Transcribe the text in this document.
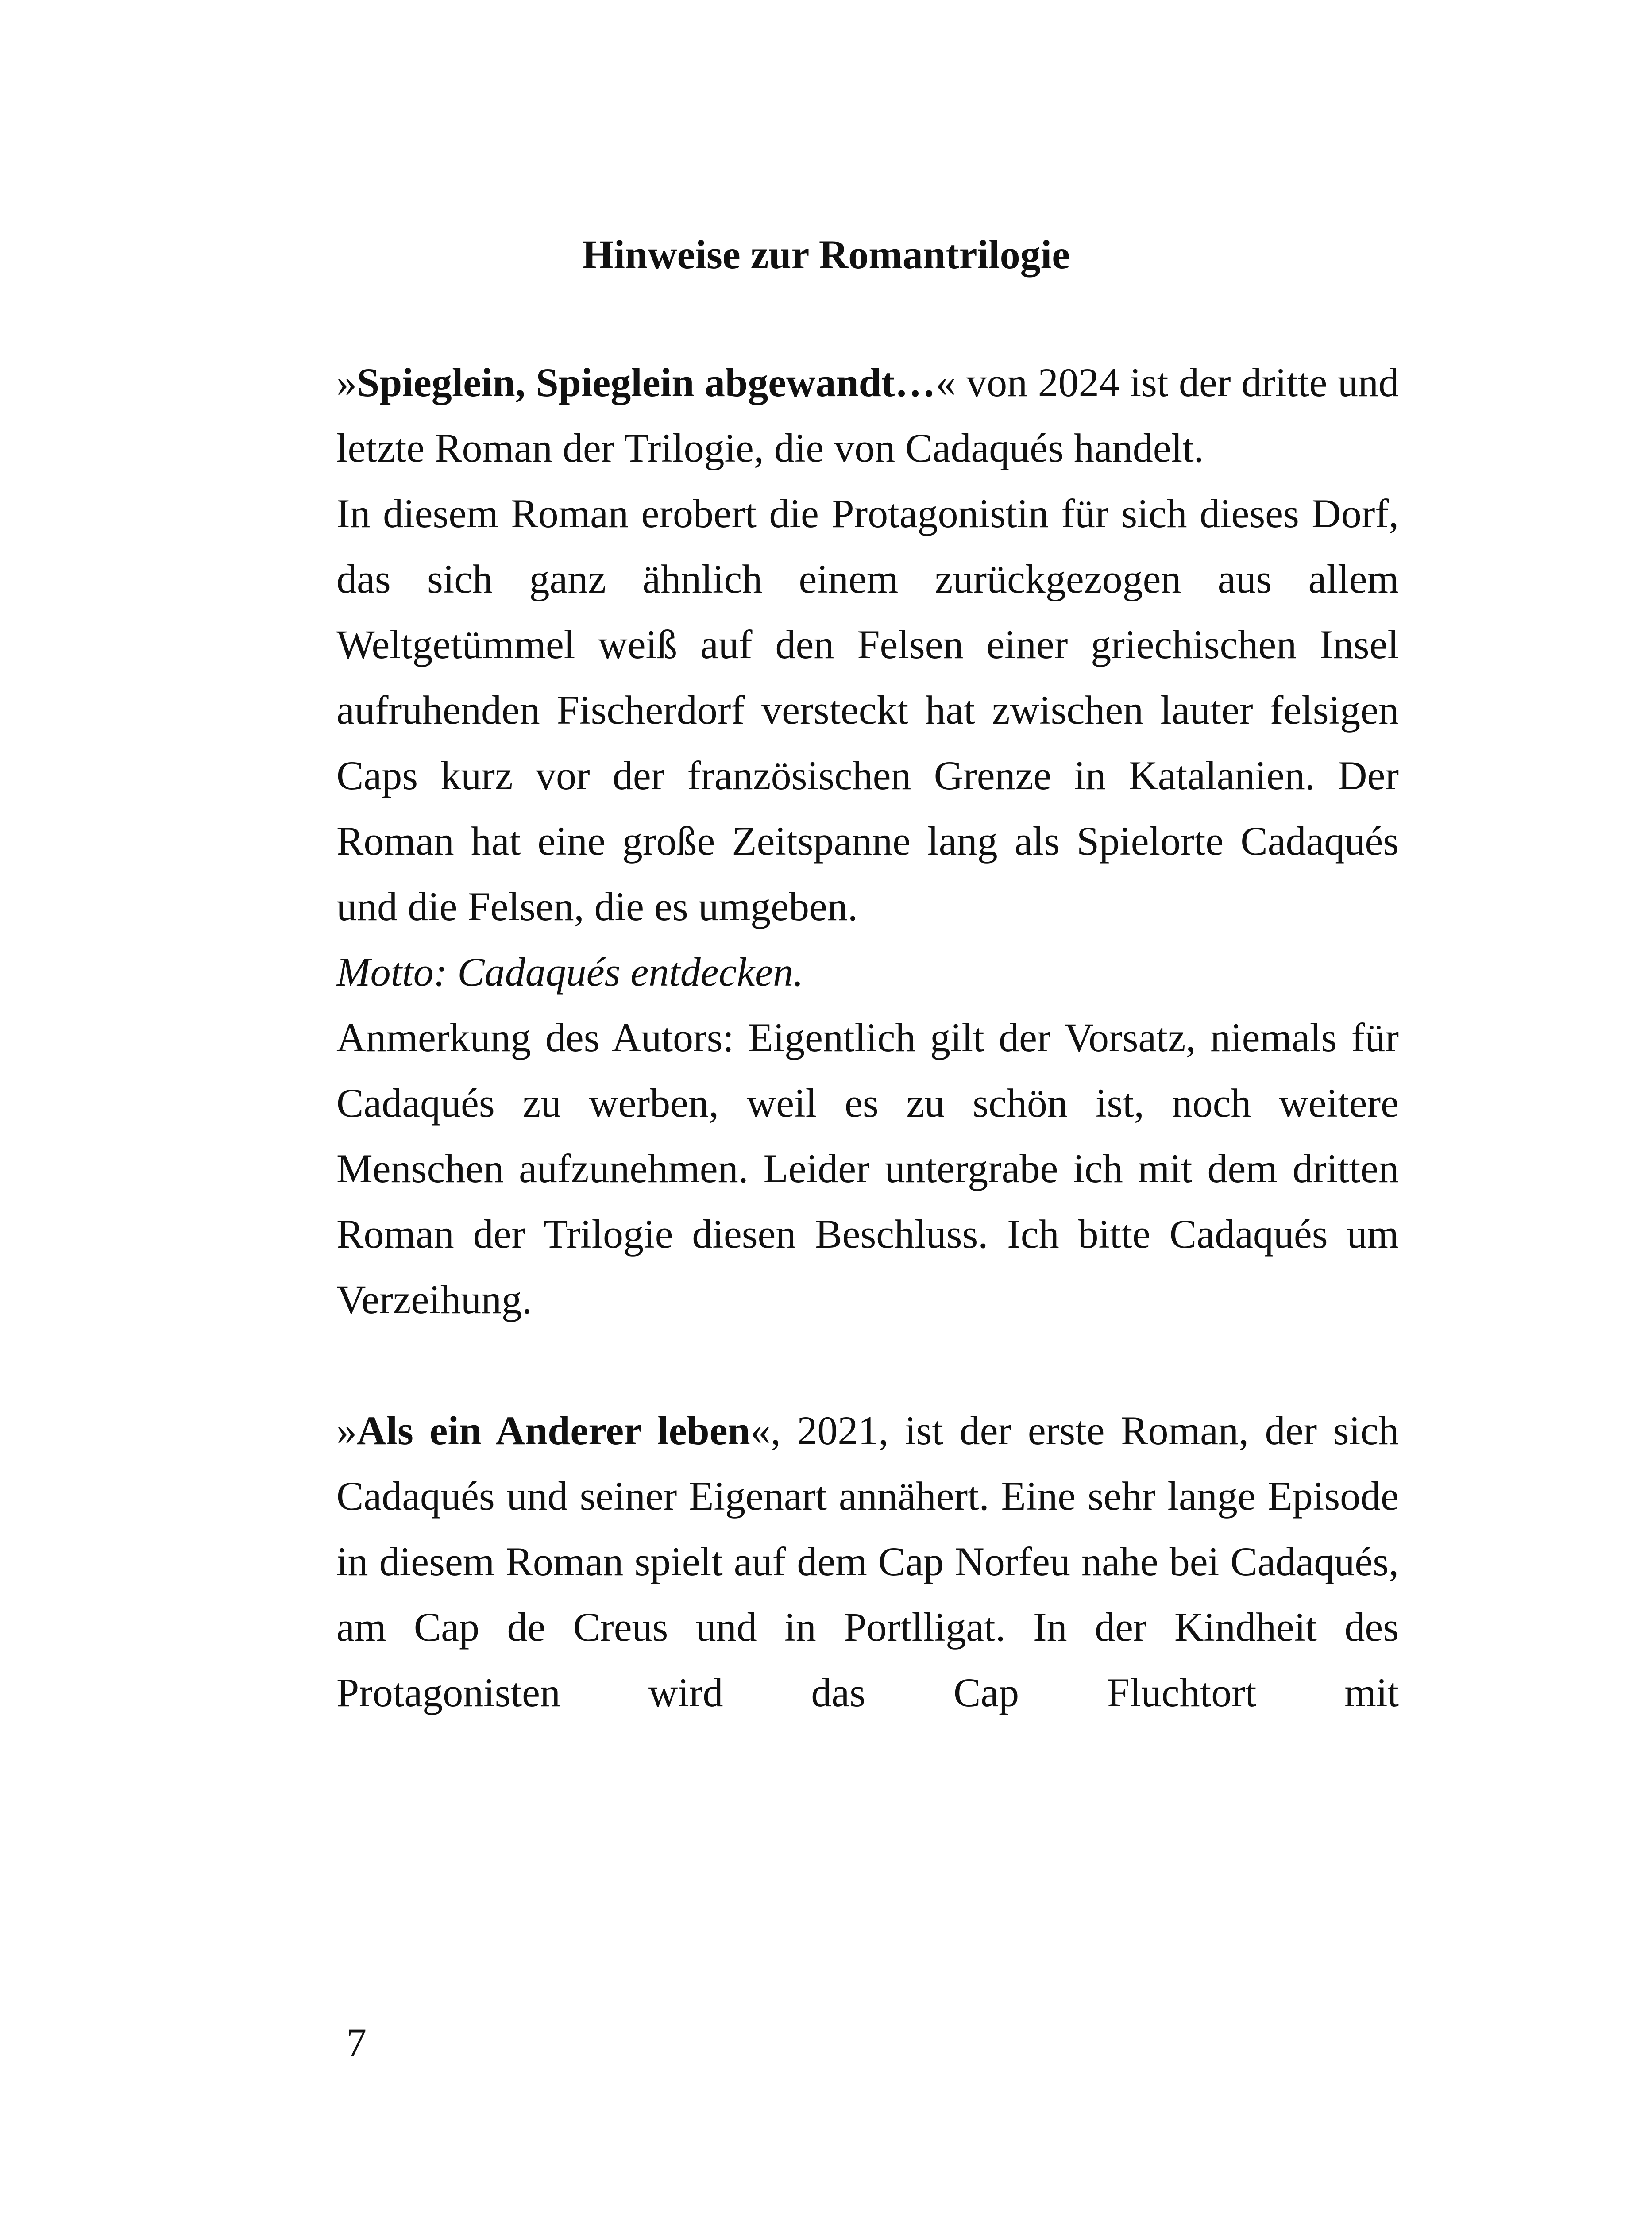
Hinweise zur Romantrilogie

»Spieglein, Spieglein abgewandt…« von 2024 ist der dritte und letzte Roman der Trilogie, die von Cadaqués handelt.

In diesem Roman erobert die Protagonistin für sich dieses Dorf, das sich ganz ähnlich einem zurückgezogen aus allem Weltgetümmel weiß auf den Felsen einer griechischen Insel aufruhenden Fischerdorf versteckt hat zwischen lauter felsigen Caps kurz vor der französischen Grenze in Katalanien. Der Roman hat eine große Zeitspanne lang als Spielorte Cadaqués und die Felsen, die es umgeben.

Motto: Cadaqués entdecken.

Anmerkung des Autors: Eigentlich gilt der Vorsatz, niemals für Cadaqués zu werben, weil es zu schön ist, noch weitere Menschen aufzunehmen. Leider untergrabe ich mit dem dritten Roman der Trilogie diesen Beschluss. Ich bitte Cadaqués um Verzeihung.

»Als ein Anderer leben«, 2021, ist der erste Roman, der sich Cadaqués und seiner Eigenart annähert. Eine sehr lange Episode in diesem Roman spielt auf dem Cap Norfeu nahe bei Cadaqués, am Cap de Creus und in Portlligat. In der Kindheit des Protagonisten wird das Cap Fluchtort mit

7
